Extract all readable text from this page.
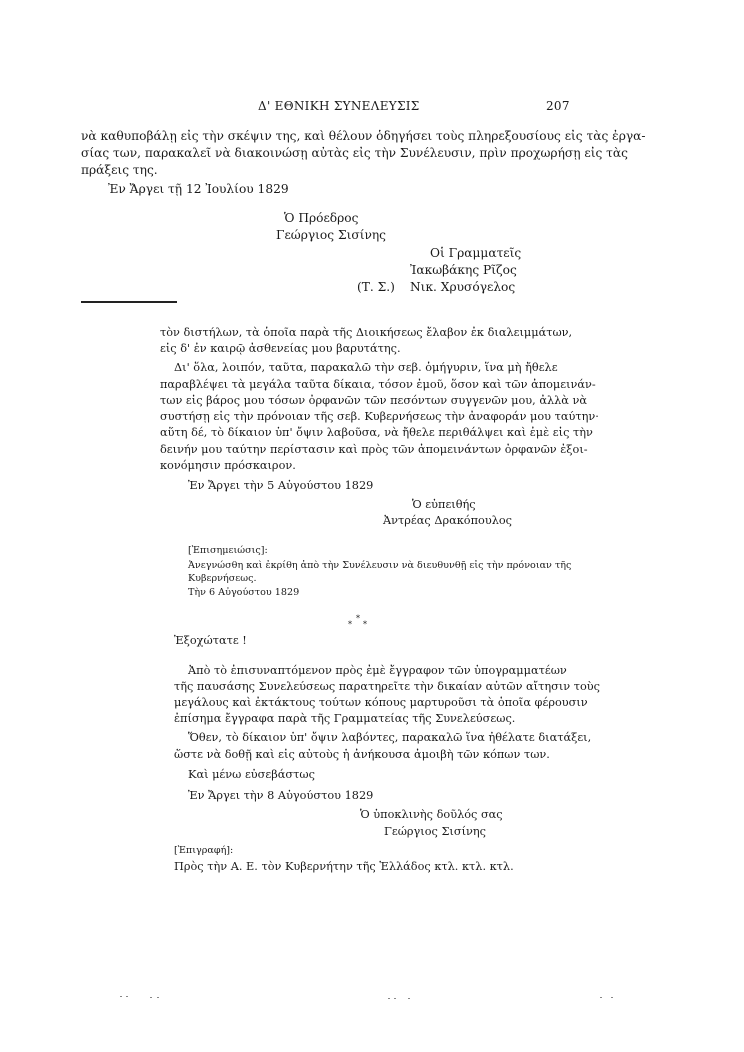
Δ' ΕΘΝΙΚΗ ΣΥΝΕΛΕΥΣΙΣ	207
νὰ καθυποβάλῃ εἰς τὴν σκέψιν της, καὶ θέλουν ὁδηγήσει τοὺς πληρεξουσίους εἰς τὰς ἐργα-
σίας των, παρακαλεῖ νὰ διακοινώσῃ αὐτὰς εἰς τὴν Συνέλευσιν, πρὶν προχωρήσῃ εἰς τὰς
πράξεις της.
Ἐν Ἄργει τῇ 12 Ἰουλίου 1829
Ὁ Πρόεδρος
Γεώργιος Σισίνης
Οἱ Γραμματεῖς
Ἰακωβάκης Ρῖζος
(Τ. Σ.) Νικ. Χρυσόγελος
τὸν διστήλων, τὰ ὁποῖα παρὰ τῆς Διοικήσεως ἔλαβον ἐκ διαλειμμάτων,
εἰς δ' ἐν καιρῷ ἀσθενείας μου βαρυτάτης.
Δι' ὅλα, λοιπόν, ταῦτα, παρακαλῶ τὴν σεβ. ὁμήγυριν, ἵνα μὴ ἤθελε
παραβλέψει τὰ μεγάλα ταῦτα δίκαια, τόσον ἐμοῦ, ὅσον καὶ τῶν ἀπομεινάν-
των εἰς βάρος μου τόσων ὀρφανῶν τῶν πεσόντων συγγενῶν μου, ἀλλὰ νὰ
συστήσῃ εἰς τὴν πρόνοιαν τῆς σεβ. Κυβερνήσεως τὴν ἀναφοράν μου ταύτην·
αὕτη δέ, τὸ δίκαιον ὑπ' ὄψιν λαβοῦσα, νὰ ἤθελε περιθάλψει καὶ ἐμὲ εἰς τὴν
δεινήν μου ταύτην περίστασιν καὶ πρὸς τῶν ἀπομεινάντων ὀρφανῶν ἐξοι-
κονόμησιν πρόσκαιρον.
Ἐν Ἄργει τὴν 5 Αὐγούστου 1829
Ὁ εὐπειθής
Ἀντρέας Δρακόπουλος
[Ἐπισημειώσις]:
Ἀνεγνώσθη καὶ ἐκρίθη ἀπὸ τὴν Συνέλευσιν νὰ διευθυνθῇ εἰς τὴν πρόνοιαν τῆς
Κυβερνήσεως.
Τὴν 6 Αὐγούστου 1829
*
* *
Ἐξοχώτατε !
Ἀπὸ τὸ ἐπισυναπτόμενον πρὸς ἐμὲ ἔγγραφον τῶν ὑπογραμματέων
τῆς παυσάσης Συνελεύσεως παρατηρεῖτε τὴν δικαίαν αὐτῶν αἴτησιν τοὺς
μεγάλους καὶ ἐκτάκτους τούτων κόπους μαρτυροῦσι τὰ ὁποῖα φέρουσιν
ἐπίσημα ἔγγραφα παρὰ τῆς Γραμματείας τῆς Συνελεύσεως.
Ὅθεν, τὸ δίκαιον ὑπ' ὄψιν λαβόντες, παρακαλῶ ἵνα ἠθέλατε διατάξει,
ὥστε νὰ δοθῇ καὶ εἰς αὐτοὺς ἡ ἀνήκουσα ἀμοιβὴ τῶν κόπων των.
Καὶ μένω εὐσεβάστως
Ἐν Ἄργει τὴν 8 Αὐγούστου 1829
Ὁ ὑποκλινὴς δοῦλός σας
Γεώργιος Σισίνης
[Ἐπιγραφή]:
Πρὸς τὴν Α. Ε. τὸν Κυβερνήτην τῆς Ἑλλάδος κτλ. κτλ. κτλ.
